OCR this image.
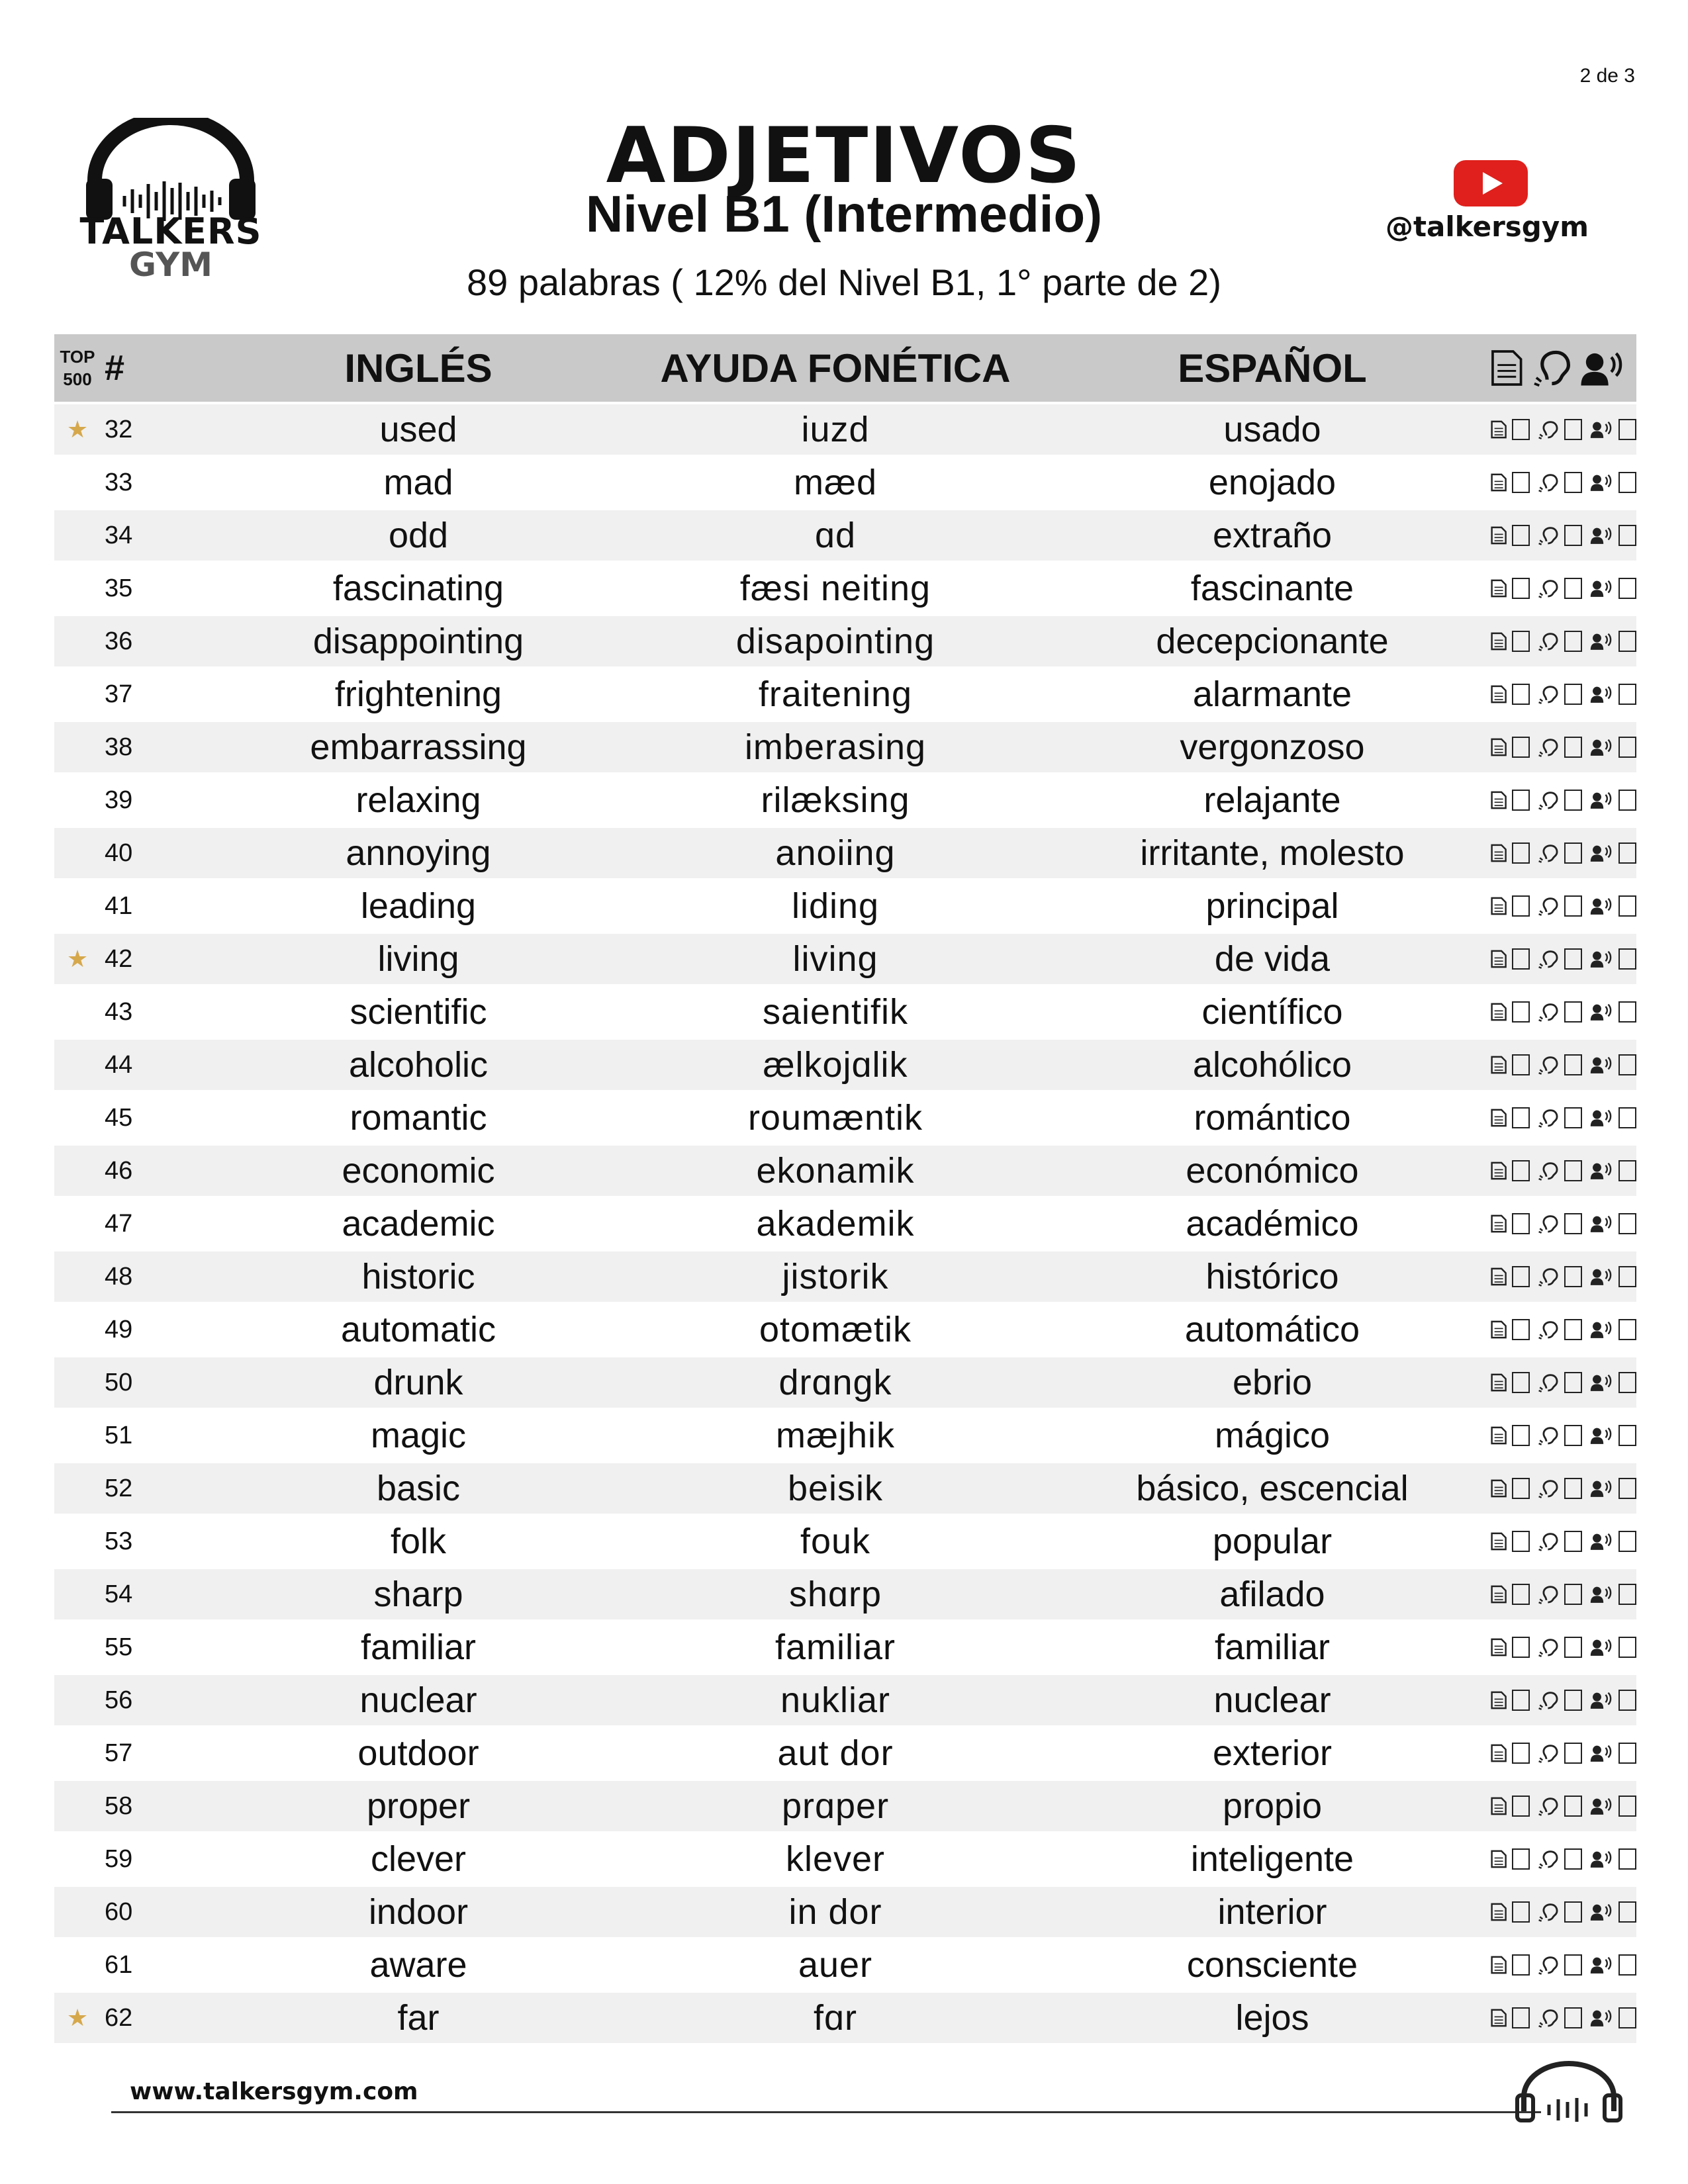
2 de 3
TALKERS
GYM
ADJETIVOS
Nivel B1 (Intermedio)
89 palabras ( 12% del Nivel B1, 1° parte de 2)
@talkersgym
TOP
500 #	INGLÉS	AYUDA FONÉTICA	ESPAÑOL
★ 32	used	iuzd	usado
33	mad	mæd	enojado
34	odd	ɑd	extraño
35	fascinating	fæsi neiting	fascinante
36	disappointing	disapointing	decepcionante
37	frightening	fraitening	alarmante
38	embarrassing	imberasing	vergonzoso
39	relaxing	rilæksing	relajante
40	annoying	anoiing	irritante, molesto
41	leading	liding	principal
★ 42	living	living	de vida
43	scientific	saientifik	científico
44	alcoholic	ælkojɑlik	alcohólico
45	romantic	roumæntik	romántico
46	economic	ekonamik	económico
47	academic	akademik	académico
48	historic	jistorik	histórico
49	automatic	otomætik	automático
50	drunk	drɑngk	ebrio
51	magic	mæjhik	mágico
52	basic	beisik	básico, escencial
53	folk	fouk	popular
54	sharp	shɑrp	afilado
55	familiar	familiar	familiar
56	nuclear	nukliar	nuclear
57	outdoor	aut dor	exterior
58	proper	prɑper	propio
59	clever	klever	inteligente
60	indoor	in dor	interior
61	aware	auer	consciente
★ 62	far	fɑr	lejos
www.talkersgym.com
